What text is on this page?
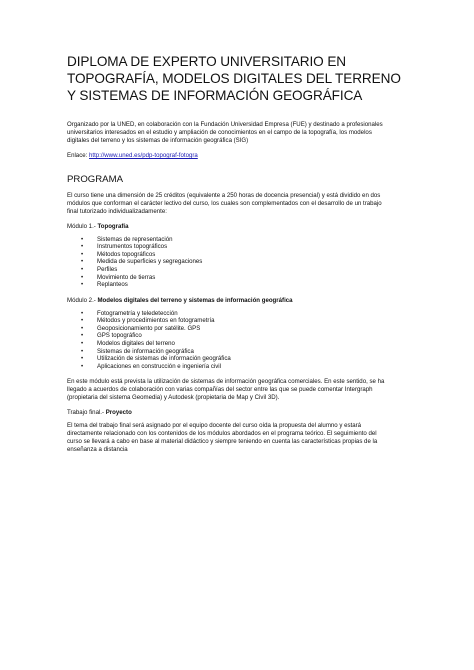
DIPLOMA DE EXPERTO UNIVERSITARIO EN
TOPOGRAFÍA, MODELOS DIGITALES DEL TERRENO
Y SISTEMAS DE INFORMACIÓN GEOGRÁFICA

Organizado por la UNED, en colaboración con la Fundación Universidad Empresa (FUE) y destinado a profesionales
universitarios interesados en el estudio y ampliación de conocimientos en el campo de la topografía, los modelos
digitales del terreno y los sistemas de información geográfica (SIG)

Enlace: http://www.uned.es/pdp-topograf-fotogra

PROGRAMA

El curso tiene una dimensión de 25 créditos (equivalente a 250 horas de docencia presencial) y está dividido en dos
módulos que conforman el carácter lectivo del curso, los cuales son complementados con el desarrollo de un trabajo
final tutorizado individualizadamente:

Módulo 1.- Topografía

• Sistemas de representación
• Instrumentos topográficos
• Métodos topográficos
• Medida de superficies y segregaciones
• Perfiles
• Movimiento de tierras
• Replanteos

Módulo 2.- Modelos digitales del terreno y sistemas de información geográfica

• Fotogrametría y teledetección
• Métodos y procedimientos en fotogrametría
• Geoposicionamiento por satélite. GPS
• GPS topográfico
• Modelos digitales del terreno
• Sistemas de información geográfica
• Utilización de sistemas de información geográfica
• Aplicaciones en construcción e ingeniería civil

En este módulo está prevista la utilización de sistemas de información geográfica comerciales. En este sentido, se ha
llegado a acuerdos de colaboración con varias compañías del sector entre las que se puede comentar Intergraph
(propietaria del sistema Geomedia) y Autodesk (propietaria de Map y Civil 3D).

Trabajo final.- Proyecto

El tema del trabajo final será asignado por el equipo docente del curso oída la propuesta del alumno y estará
directamente relacionado con los contenidos de los módulos abordados en el programa teórico. El seguimiento del
curso se llevará a cabo en base al material didáctico y siempre teniendo en cuenta las características propias de la
enseñanza a distancia
